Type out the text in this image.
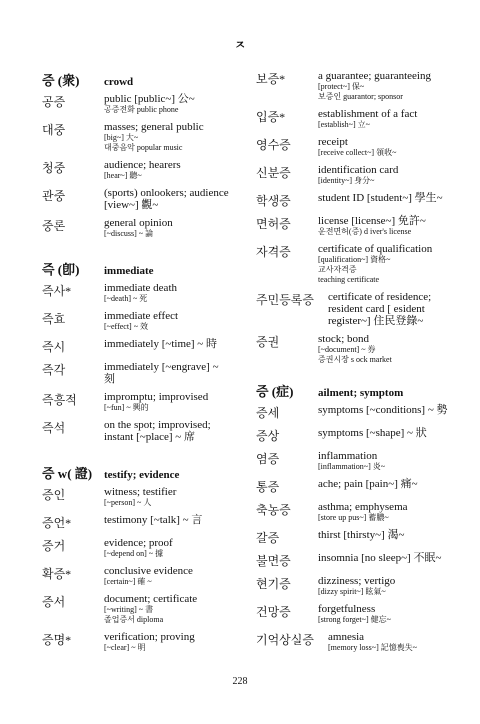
ㅈ
증 (衆)	crowd
공증	public [public~] 公~
공증전화 public phone
대중	masses; general public
[big~] 大~
대중음악 popular music
청중	audience; hearers
[hear~] 聽~
관중	(sports) onlookers; audience [view~] 觀~
중론	general opinion
[~discuss] ~ 論
즉 (卽)	immediate
즉사*	immediate death
[~death] ~ 死
즉효	immediate effect
[~effect] ~ 效
즉시	immediately [~time] ~ 時
즉각	immediately [~engrave] ~ 刻
즉흥적	impromptu; improvised
[~fun] ~ 興的
즉석	on the spot; improvised; instant [~place] ~ 席
증 w( 證)	testify; evidence
증인	witness; testifier
[~person] ~ 人
증언*	testimony [~talk] ~ 言
증거	evidence; proof
[~depend on] ~ 據
확증*	conclusive evidence
[certain~] 確 ~
증서	document; certificate
[~writing] ~ 書
졸업증서 diploma
증명*	verification; proving
[~clear] ~ 明
보증*	a guarantee; guaranteeing
[protect~] 保~
보증인 guarantor; sponsor
입증*	establishment of a fact
[establish~] 立~
영수증	receipt
[receive collect~] 領收~
신분증	identification card
[identity~] 身分~
학생증	student ID [student~] 學生~
면허증	license [license~] 免許~
운전면허(증) d iver's license
자격증	certificate of qualification
[qualification~] 資格~
교사자격증
teaching certificate
주민등록증	certificate of residence; resident card [ esident register~] 住民登錄~
증권	stock; bond
[~document] ~ 券
증권시장 s ock market
증 (症)	ailment; symptom
증세	symptoms [~conditions] ~ 勢
증상	symptoms [~shape] ~ 狀
염증	inflammation
[inflammation~] 炎~
통증	ache; pain [pain~] 痛~
축농증	asthma; emphysema
[store up pus~] 蓄膿~
갈증	thirst [thirsty~] 渴~
불면증	insomnia [no sleep~] 不眠~
현기증	dizziness; vertigo
[dizzy spirit~] 眩氣~
건망증	forgetfulness
[strong forget~] 健忘~
기억상실증	amnesia
[memory loss~] 記憶喪失~
228
